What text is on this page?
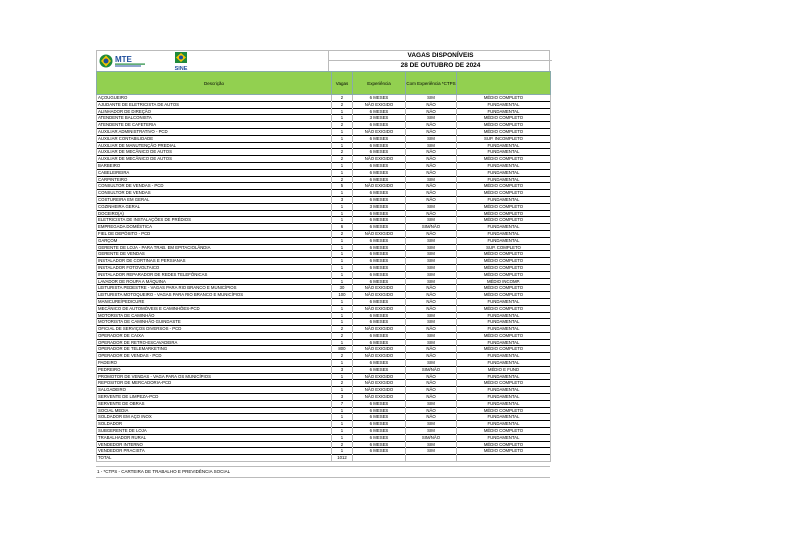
MTE
SINE
VAGAS DISPONÍVEIS
28 DE OUTUBRO DE 2024
Descrição	Vagas	Experiência	Com Experiência *CTPS	
AÇOUGUEIRO	2	6 MESES	SIM	MÉDIO COMPLETO
AJUDANTE DE ELETRICISTA DE AUTOS	2	NÃO EXIGIDO	NÃO	FUNDAMENTAL
ALINHADOR DE DIREÇÃO	1	6 MESES	NÃO	FUNDAMENTAL
ATENDENTE BALCONISTA	1	3 MESES	SIM	MÉDIO COMPLETO
ATENDENTE DE CAFETERIA	2	6 MESES	NÃO	MÉDIO COMPLETO
AUXILIAR ADMINISTRATIVO - PCD	1	NÃO EXIGIDO	NÃO	MÉDIO COMPLETO
AUXILIAR CONTABILIDADE	1	6 MESES	SIM	SUP. INCOMPLETO
AUXILIAR DE MANUTENÇÃO PREDIAL	1	6 MESES	SIM	FUNDAMENTAL
AUXILIAR DE MECÂNICO DE AUTOS	2	6 MESES	NÃO	FUNDAMENTAL
AUXILIAR DE MECÂNICO DE AUTOS	2	NÃO EXIGIDO	NÃO	MÉDIO COMPLETO
BARBEIRO	1	6 MESES	NÃO	FUNDAMENTAL
CABELEIREIRA	1	6 MESES	NÃO	FUNDAMENTAL
CARPINTEIRO	2	6 MESES	SIM	FUNDAMENTAL
CONSULTOR DE VENDAS - PCD	5	NÃO EXIGIDO	NÃO	MÉDIO COMPLETO
CONSULTOR DE VENDAS	1	6 MESES	NÃO	MÉDIO COMPLETO
COSTUREIRA EM GERAL	3	6 MESES	NÃO	FUNDAMENTAL
COZINHEIRA GERAL	1	3 MESES	SIM	MÉDIO COMPLETO
DOCEIRO(A)	1	6 MESES	NÃO	MÉDIO COMPLETO
ELETRICISTA DE INSTALAÇÕES DE PRÉDIOS	1	6 MESES	SIM	MÉDIO COMPLETO
EMPREGADA DOMÉSTICA	6	6 MESES	SIM/NÃO	FUNDAMENTAL
FIEL DE DEPÓSITO - PCD	2	NÃO EXIGIDO	NÃO	FUNDAMENTAL
GARÇOM	1	6 MESES	SIM	FUNDAMENTAL
GERENTE DE LOJA - PARA TRAB. EM EPITACIOLÂNDIA	1	6 MESES	SIM	SUP. COMPLETO
GERENTE DE VENDAS	1	6 MESES	SIM	MÉDIO COMPLETO
INSTALADOR DE CORTINAS E PERSIANAS	1	6 MESES	SIM	MÉDIO COMPLETO
INSTALADOR FOTOVOLTAICO	1	6 MESES	SIM	MÉDIO COMPLETO
INSTALADOR REPARADOR DE REDES TELEFÔNICAS	1	6 MESES	SIM	MÉDIO COMPLETO
LAVADOR DE ROUPA A MÁQUINA	1	6 MESES	SIM	MÉDIO INCOMP.
LEITURISTA PEDESTRE - VAGAS PARA RIO BRANCO E MUNICÍPIOS	30	NÃO EXIGIDO	NÃO	MÉDIO COMPLETO
LEITURISTA MOTOQUEIRO - VAGAS PARA RIO BRANCO E MUNICÍPIOS	100	NÃO EXIGIDO	NÃO	MÉDIO COMPLETO
MANICURE/PEDICURE	1	6 MESES	NÃO	FUNDAMENTAL
MECÂNICO DE AUTOMÓVEIS E CAMINHÕES-PCD	1	NÃO EXIGIDO	NÃO	MÉDIO COMPLETO
MOTORISTA DE CAMINHÃO	1	6 MESES	SIM	FUNDAMENTAL
MOTORISTA DE CAMINHÃO GUINDASTE	1	6 MESES	SIM	FUNDAMENTAL
OFICIAL DE SERVIÇOS DIVERSOS - PCD	2	NÃO EXIGIDO	NÃO	FUNDAMENTAL
OPERADOR DE CAIXA	2	6 MESES	SIM	MÉDIO COMPLETO
OPERADOR DE RETRO-ESCAVADEIRA	1	6 MESES	SIM	FUNDAMENTAL
OPERADOR DE TELEMARKETING	800	NÃO EXIGIDO	NÃO	MÉDIO COMPLETO
OPERADOR DE VENDAS - PCD	2	NÃO EXIGIDO	NÃO	FUNDAMENTAL
PADEIRO	1	6 MESES	SIM	FUNDAMENTAL
PEDREIRO	3	6 MESES	SIM/NÃO	MÉDIO E FUND
PROMOTOR DE VENDAS - VAGA PARA OS MUNICÍPIOS	1	NÃO EXIGIDO	NÃO	FUNDAMENTAL
REPOSITOR DE MERCADORIA-PCD	2	NÃO EXIGIDO	NÃO	MÉDIO COMPLETO
SALGADEIRO	1	NÃO EXIGIDO	NÃO	FUNDAMENTAL
SERVENTE DE LIMPEZA-PCD	3	NÃO EXIGIDO	NÃO	FUNDAMENTAL
SERVENTE DE OBRAS	7	6 MESES	SIM	FUNDAMENTAL
SOCIAL MEDIA	1	6 MESES	NÃO	MÉDIO COMPLETO
SOLDADOR EM AÇO INOX	1	6 MESES	NÃO	FUNDAMENTAL
SOLDADOR	1	6 MESES	SIM	FUNDAMENTAL
SUBGERENTE DE LOJA	1	6 MESES	SIM	MÉDIO COMPLETO
TRABALHADOR RURAL	1	6 MESES	SIM/NÃO	FUNDAMENTAL
VENDEDOR INTERNO	2	6 MESES	SIM	MÉDIO COMPLETO
VENDEDOR PRACISTA	1	6 MESES	SIM	MÉDIO COMPLETO
TOTAL	1012			
1 - *CTPS - CARTEIRA DE TRABALHO E PREVIDÊNCIA SOCIAL
